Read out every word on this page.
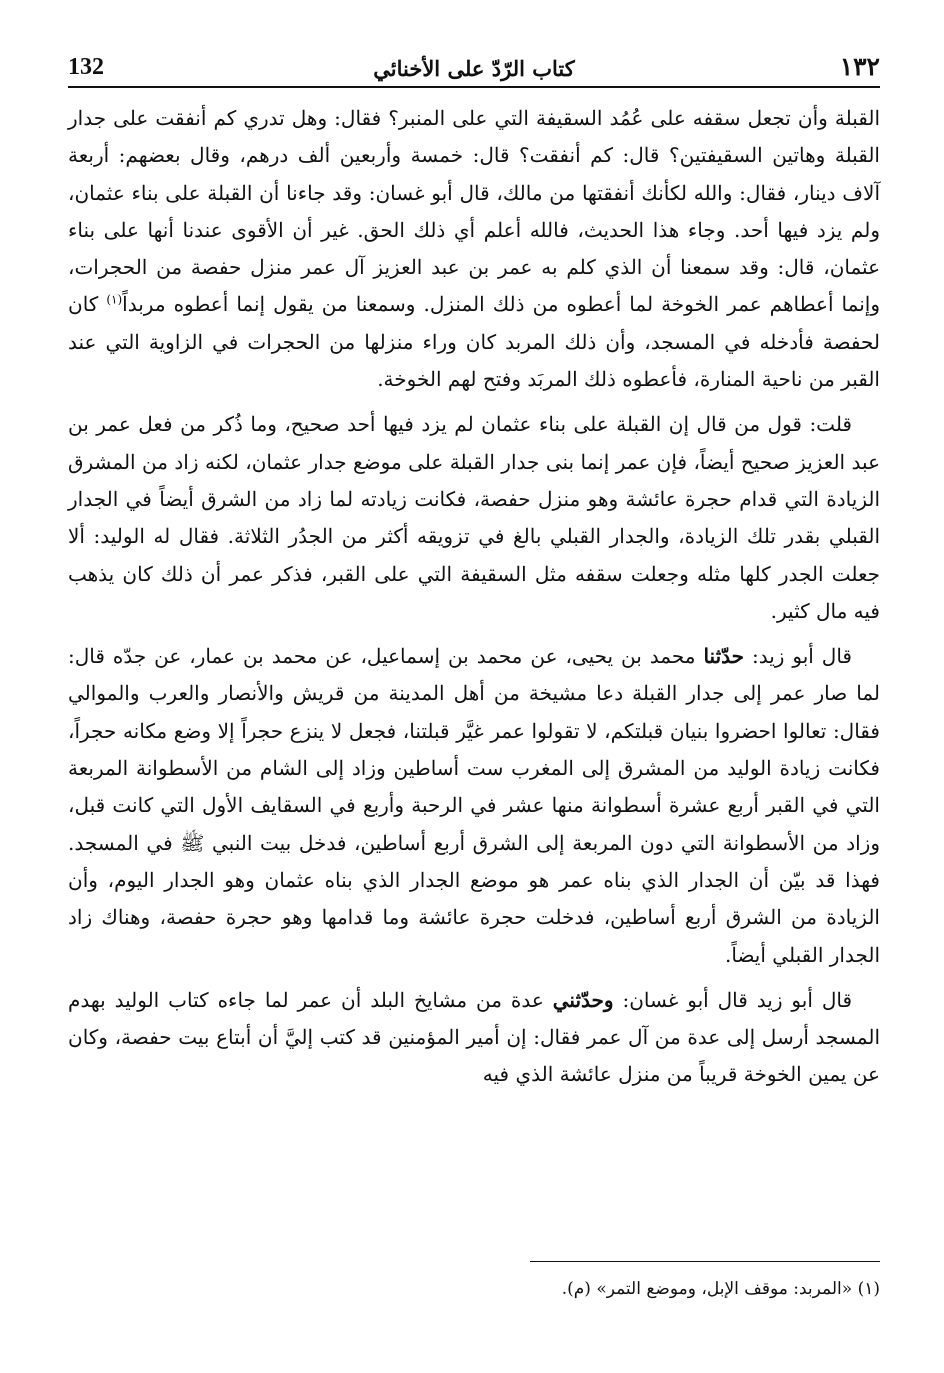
132	كتاب الرّدّ على الأخنائي	١٣٢

القبلة وأن تجعل سقفه على عُمُد السقيفة التي على المنبر؟ فقال: وهل تدري كم أنفقت على جدار القبلة وهاتين السقيفتين؟ قال: كم أنفقت؟ قال: خمسة وأربعين ألف درهم، وقال بعضهم: أربعة آلاف دينار، فقال: والله لكأنك أنفقتها من مالك، قال أبو غسان: وقد جاءنا أن القبلة على بناء عثمان، ولم يزد فيها أحد. وجاء هذا الحديث، فالله أعلم أي ذلك الحق. غير أن الأقوى عندنا أنها على بناء عثمان، قال: وقد سمعنا أن الذي كلم به عمر بن عبد العزيز آل عمر منزل حفصة من الحجرات، وإنما أعطاهم عمر الخوخة لما أعطوه من ذلك المنزل. وسمعنا من يقول إنما أعطوه مربداً$^{(١)}$ كان لحفصة فأدخله في المسجد، وأن ذلك المربد كان وراء منزلها من الحجرات في الزاوية التي عند القبر من ناحية المنارة، فأعطوه ذلك المربَد وفتح لهم الخوخة.

قلت: قول من قال إن القبلة على بناء عثمان لم يزد فيها أحد صحيح، وما ذُكر من فعل عمر بن عبد العزيز صحيح أيضاً، فإن عمر إنما بنى جدار القبلة على موضع جدار عثمان، لكنه زاد من المشرق الزيادة التي قدام حجرة عائشة وهو منزل حفصة، فكانت زيادته لما زاد من الشرق أيضاً في الجدار القبلي بقدر تلك الزيادة، والجدار القبلي بالغ في تزويقه أكثر من الجدُر الثلاثة. فقال له الوليد: ألا جعلت الجدر كلها مثله وجعلت سقفه مثل السقيفة التي على القبر، فذكر عمر أن ذلك كان يذهب فيه مال كثير.

قال أبو زيد: حدّثنا محمد بن يحيى، عن محمد بن إسماعيل، عن محمد بن عمار، عن جدّه قال: لما صار عمر إلى جدار القبلة دعا مشيخة من أهل المدينة من قريش والأنصار والعرب والموالي فقال: تعالوا احضروا بنيان قبلتكم، لا تقولوا عمر غيَّر قبلتنا، فجعل لا ينزع حجراً إلا وضع مكانه حجراً، فكانت زيادة الوليد من المشرق إلى المغرب ست أساطين وزاد إلى الشام من الأسطوانة المربعة التي في القبر أربع عشرة أسطوانة منها عشر في الرحبة وأربع في السقايف الأول التي كانت قبل، وزاد من الأسطوانة التي دون المربعة إلى الشرق أربع أساطين، فدخل بيت النبي ﷺ في المسجد. فهذا قد بيّن أن الجدار الذي بناه عمر هو موضع الجدار الذي بناه عثمان وهو الجدار اليوم، وأن الزيادة من الشرق أربع أساطين، فدخلت حجرة عائشة وما قدامها وهو حجرة حفصة، وهناك زاد الجدار القبلي أيضاً.

قال أبو زيد قال أبو غسان: وحدّثني عدة من مشايخ البلد أن عمر لما جاءه كتاب الوليد بهدم المسجد أرسل إلى عدة من آل عمر فقال: إن أمير المؤمنين قد كتب إليَّ أن أبتاع بيت حفصة، وكان عن يمين الخوخة قريباً من منزل عائشة الذي فيه

(١) «المربد: موقف الإبل، وموضع التمر» (م).
